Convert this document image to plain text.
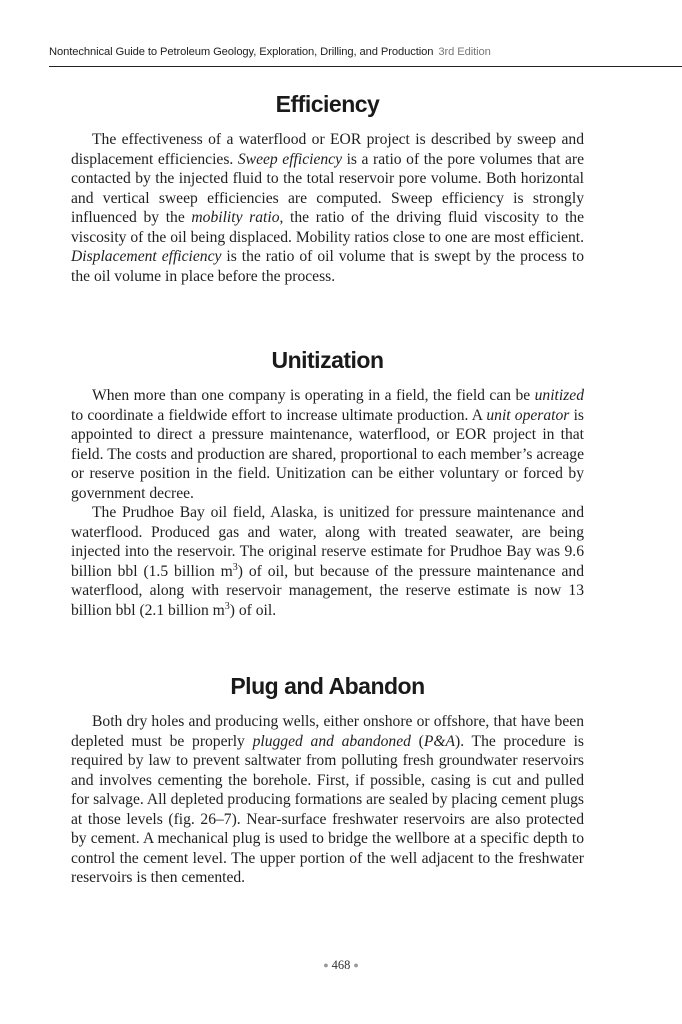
Nontechnical Guide to Petroleum Geology, Exploration, Drilling, and Production 3rd Edition
Efficiency

The effectiveness of a waterflood or EOR project is described by sweep and displacement efficiencies. Sweep efficiency is a ratio of the pore volumes that are contacted by the injected fluid to the total reservoir pore volume. Both horizontal and vertical sweep efficiencies are computed. Sweep efficiency is strongly influenced by the mobility ratio, the ratio of the driving fluid viscosity to the viscosity of the oil being displaced. Mobility ratios close to one are most efficient. Displacement efficiency is the ratio of oil volume that is swept by the process to the oil volume in place before the process.

Unitization

When more than one company is operating in a field, the field can be unitized to coordinate a fieldwide effort to increase ultimate production. A unit operator is appointed to direct a pressure maintenance, waterflood, or EOR project in that field. The costs and production are shared, proportional to each member’s acreage or reserve position in the field. Unitization can be either voluntary or forced by government decree.

The Prudhoe Bay oil field, Alaska, is unitized for pressure maintenance and waterflood. Produced gas and water, along with treated seawater, are being injected into the reservoir. The original reserve estimate for Prudhoe Bay was 9.6 billion bbl (1.5 billion $m^3$) of oil, but because of the pressure maintenance and waterflood, along with reservoir management, the reserve estimate is now 13 billion bbl (2.1 billion $m^3$) of oil.

Plug and Abandon

Both dry holes and producing wells, either onshore or offshore, that have been depleted must be properly plugged and abandoned (P&A). The procedure is required by law to prevent saltwater from polluting fresh groundwater reservoirs and involves cementing the borehole. First, if possible, casing is cut and pulled for salvage. All depleted producing formations are sealed by placing cement plugs at those levels (fig. 26–7). Near-surface freshwater reservoirs are also protected by cement. A mechanical plug is used to bridge the wellbore at a specific depth to control the cement level. The upper portion of the well adjacent to the freshwater reservoirs is then cemented.

● 468 ●
